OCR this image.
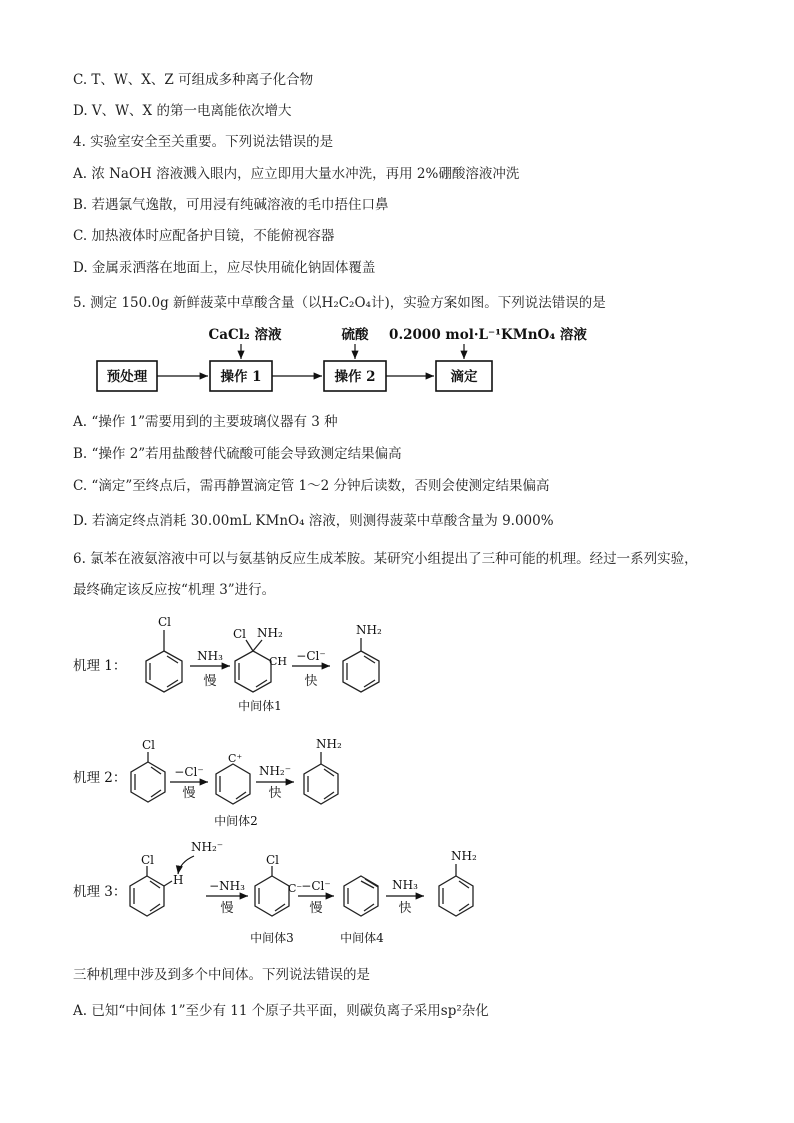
C. T、W、X、Z 可组成多种离子化合物
D. V、W、X 的第一电离能依次增大
4. 实验室安全至关重要。下列说法错误的是
A. 浓 NaOH 溶液溅入眼内，应立即用大量水冲洗，再用 2%硼酸溶液冲洗
B. 若遇氯气逸散，可用浸有纯碱溶液的毛巾捂住口鼻
C. 加热液体时应配备护目镜，不能俯视容器
D. 金属汞洒落在地面上，应尽快用硫化钠固体覆盖
5. 测定 150.0g 新鲜菠菜中草酸含量（以H₂C₂O₄计)，实验方案如图。下列说法错误的是
A. “操作 1”需要用到的主要玻璃仪器有 3 种
B. “操作 2”若用盐酸替代硫酸可能会导致测定结果偏高
C. “滴定”至终点后，需再静置滴定管 1～2 分钟后读数，否则会使测定结果偏高
D. 若滴定终点消耗 30.00mL KMnO₄ 溶液，则测得菠菜中草酸含量为 9.000%
6. 氯苯在液氨溶液中可以与氨基钠反应生成苯胺。某研究小组提出了三种可能的机理。经过一系列实验，
最终确定该反应按“机理 3”进行。
三种机理中涉及到多个中间体。下列说法错误的是
A. 已知“中间体 1”至少有 11 个原子共平面，则碳负离子采用sp²杂化
预处理	操作 1	操作 2	滴定
CaCl₂ 溶液	硫酸 0.2000 mol·L⁻¹KMnO₄ 溶液
机理 1：
Cl
NH₃
慢
Cl NH₂
CH
中间体1
−Cl⁻
快
NH₂
机理 2：
Cl
−Cl⁻
慢
C⁺
中间体2
NH₂⁻
快
NH₂
机理 3：
Cl
H
NH₂⁻
−NH₃
慢
Cl
C⁻
中间体3
−Cl⁻
慢
中间体4
NH₃
快
NH₂
